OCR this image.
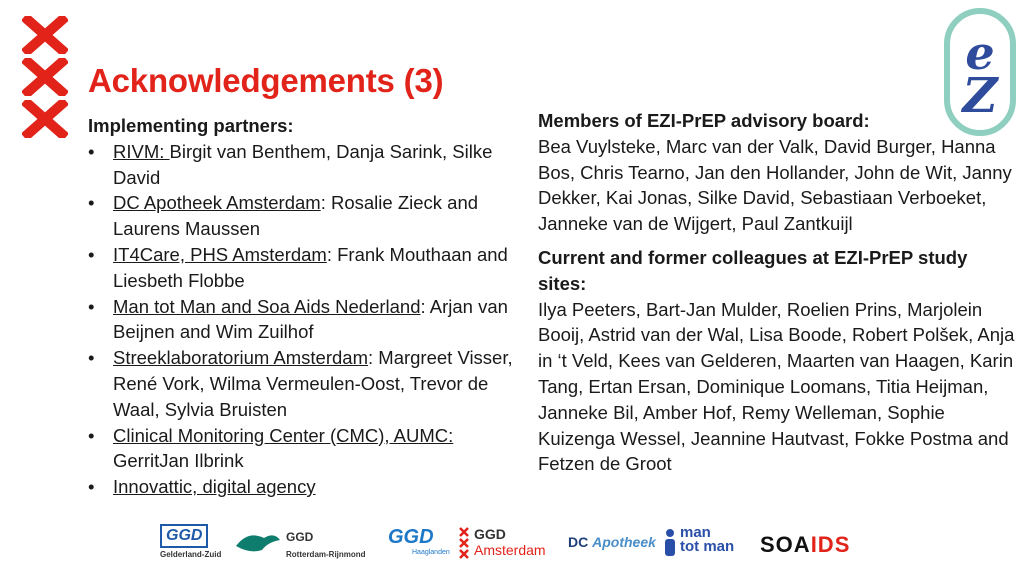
Acknowledgements (3)
e
Z
Implementing partners:
• RIVM: Birgit van Benthem, Danja Sarink, Silke David
• DC Apotheek Amsterdam: Rosalie Zieck and Laurens Maussen
• IT4Care, PHS Amsterdam: Frank Mouthaan and Liesbeth Flobbe
• Man tot Man and Soa Aids Nederland: Arjan van Beijnen and Wim Zuilhof
• Streeklaboratorium Amsterdam: Margreet Visser, René Vork, Wilma Vermeulen-Oost, Trevor de Waal, Sylvia Bruisten
• Clinical Monitoring Center (CMC), AUMC: GerritJan Ilbrink
• Innovattic, digital agency
Members of EZI-PrEP advisory board:

Bea Vuylsteke, Marc van der Valk, David Burger, Hanna Bos, Chris Tearno, Jan den Hollander, John de Wit, Janny Dekker, Kai Jonas, Silke David, Sebastiaan Verboeket, Janneke van de Wijgert, Paul Zantkuijl

Current and former colleagues at EZI-PrEP study sites:

Ilya Peeters, Bart-Jan Mulder, Roelien Prins, Marjolein Booij, Astrid van der Wal, Lisa Boode, Robert Polšek, Anja in ‘t Veld, Kees van Gelderen, Maarten van Haagen, Karin Tang, Ertan Ersan, Dominique Loomans, Titia Heijman, Janneke Bil, Amber Hof, Remy Welleman, Sophie Kuizenga Wessel, Jeannine Hautvast, Fokke Postma and Fetzen de Groot

GGD
Gelderland-Zuid
GGD
Rotterdam-Rijnmond
GGD
Haaglanden
GGD
Amsterdam DC Apotheek
man
tot man SOAIDS
